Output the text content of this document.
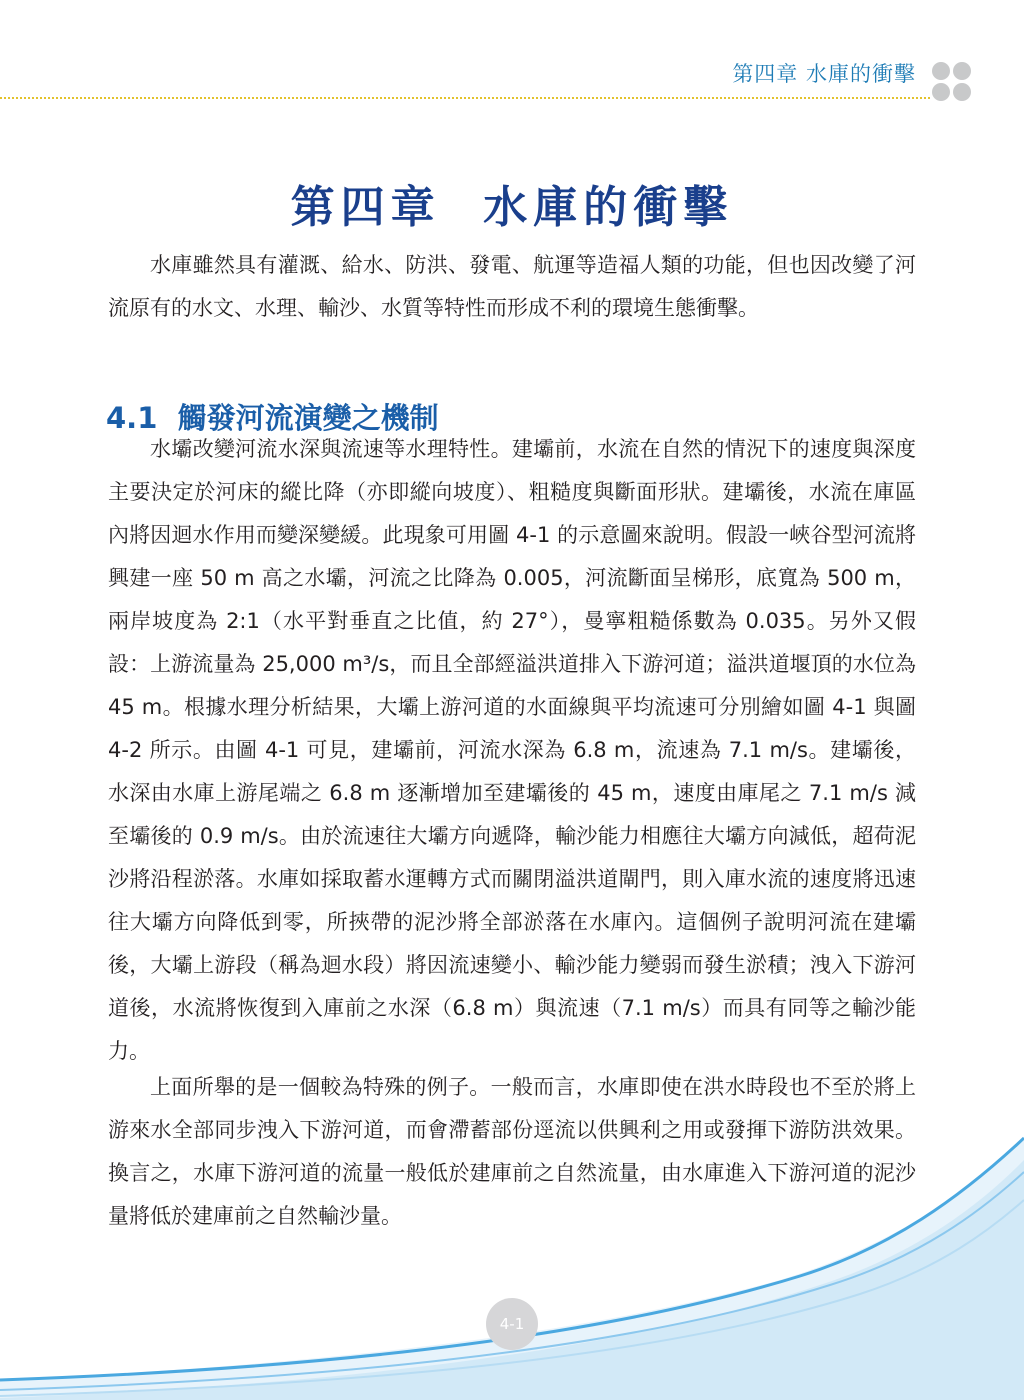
第四章 水庫的衝擊
第四章  水庫的衝擊

水庫雖然具有灌溉、給水、防洪、發電、航運等造福人類的功能，但也因改變了河流原有的水文、水理、輸沙、水質等特性而形成不利的環境生態衝擊。

4.1  觸發河流演變之機制

水壩改變河流水深與流速等水理特性。建壩前，水流在自然的情況下的速度與深度主要決定於河床的縱比降（亦即縱向坡度）、粗糙度與斷面形狀。建壩後，水流在庫區內將因迴水作用而變深變緩。此現象可用圖 4-1 的示意圖來說明。假設一峽谷型河流將興建一座 50 m 高之水壩，河流之比降為 0.005，河流斷面呈梯形，底寬為 500 m，兩岸坡度為 2:1（水平對垂直之比值，約 27°），曼寧粗糙係數為 0.035。另外又假設：上游流量為 25,000 m³/s，而且全部經溢洪道排入下游河道；溢洪道堰頂的水位為 45 m。根據水理分析結果，大壩上游河道的水面線與平均流速可分別繪如圖 4-1 與圖 4-2 所示。由圖 4-1 可見，建壩前，河流水深為 6.8 m，流速為 7.1 m/s。建壩後，水深由水庫上游尾端之 6.8 m 逐漸增加至建壩後的 45 m，速度由庫尾之 7.1 m/s 減至壩後的 0.9 m/s。由於流速往大壩方向遞降，輸沙能力相應往大壩方向減低，超荷泥沙將沿程淤落。水庫如採取蓄水運轉方式而關閉溢洪道閘門，則入庫水流的速度將迅速往大壩方向降低到零，所挾帶的泥沙將全部淤落在水庫內。這個例子說明河流在建壩後，大壩上游段（稱為迴水段）將因流速變小、輸沙能力變弱而發生淤積；洩入下游河道後，水流將恢復到入庫前之水深（6.8 m）與流速（7.1 m/s）而具有同等之輸沙能力。

上面所舉的是一個較為特殊的例子。一般而言，水庫即使在洪水時段也不至於將上游來水全部同步洩入下游河道，而會滯蓄部份逕流以供興利之用或發揮下游防洪效果。換言之，水庫下游河道的流量一般低於建庫前之自然流量，由水庫進入下游河道的泥沙量將低於建庫前之自然輸沙量。

4-1
